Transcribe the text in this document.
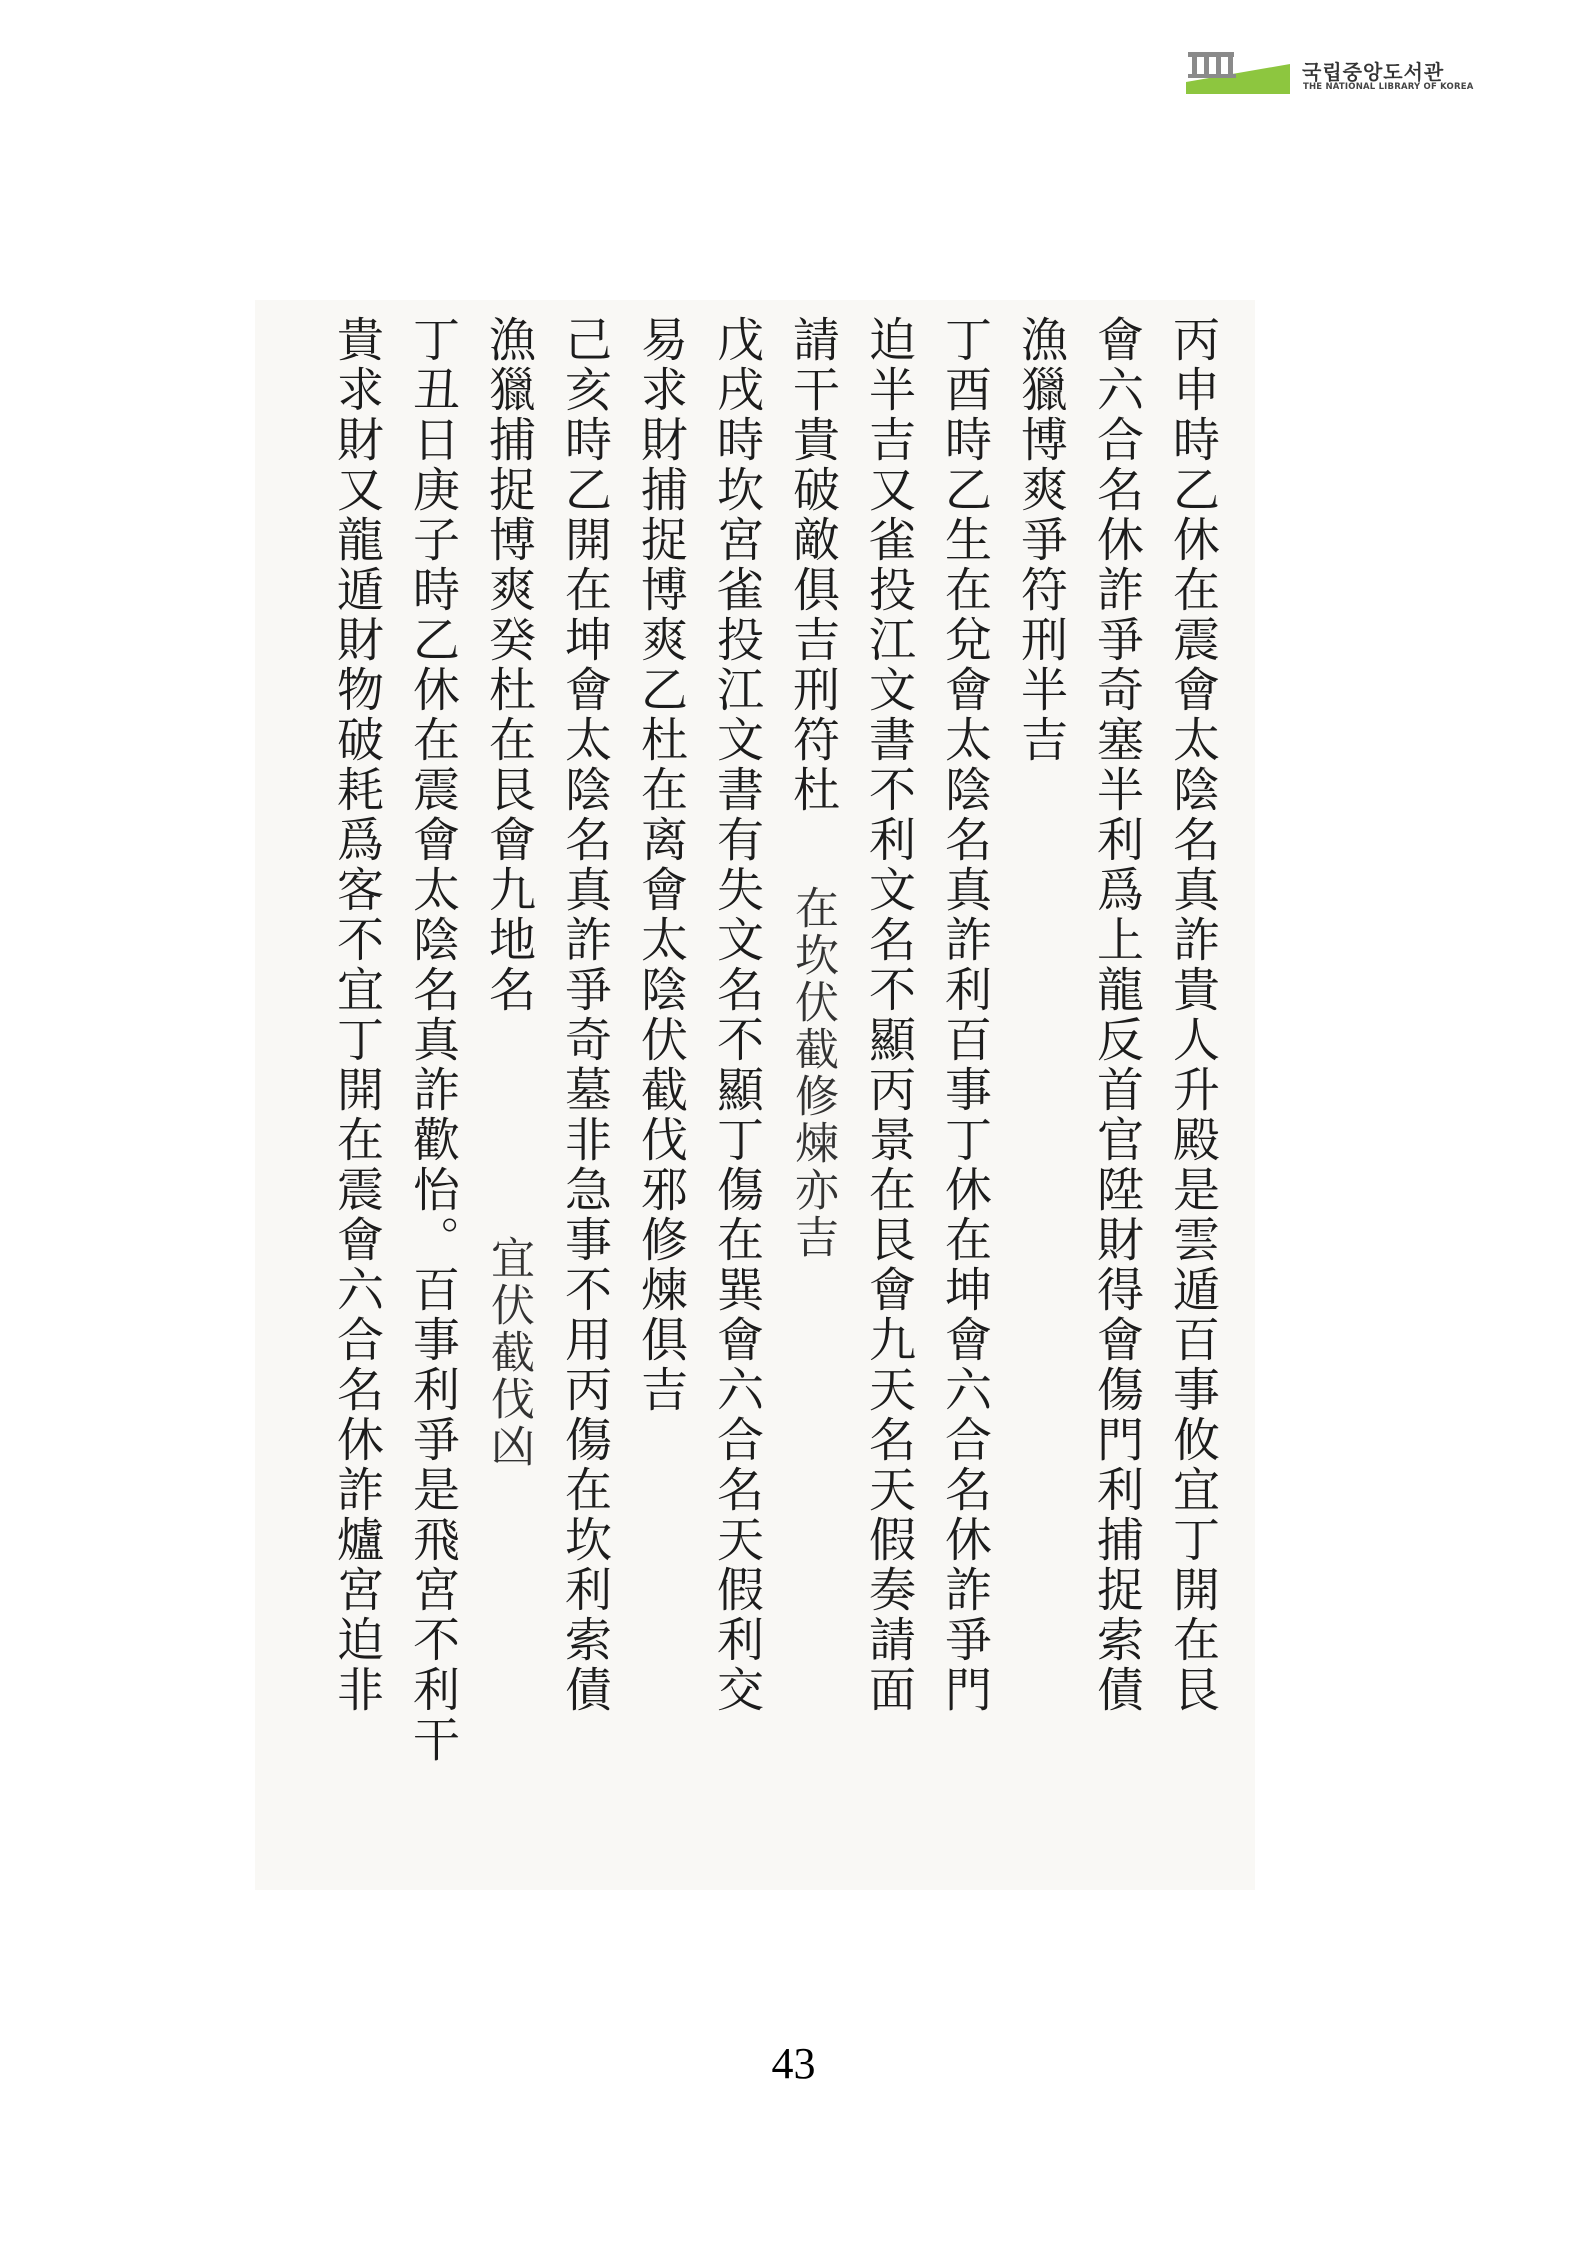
국립중앙도서관
THE NATIONAL LIBRARY OF KOREA

丙申時乙休在震會太陰名真詐貴人升殿是雲遁百事攸宜丁開在艮

會六合名休詐爭奇塞半利爲上龍反首官陞財得會傷門利捕捉索債

漁獵博爽爭符刑半吉

丁酉時乙生在兌會太陰名真詐利百事丁休在坤會六合名休詐爭門

迫半吉又雀投江文書不利文名不顯丙景在艮會九天名天假奏請面

請干貴破敵俱吉刑符杜在坎伏截修煉亦吉

戊戌時坎宮雀投江文書有失文名不顯丁傷在巽會六合名天假利交

易求財捕捉博爽乙杜在离會太陰伏截伐邪修煉俱吉

己亥時乙開在坤會太陰名真詐爭奇墓非急事不用丙傷在坎利索債

漁獵捕捉博爽癸杜在艮會九地名宜伏截伐凶

丁丑日庚子時乙休在震會太陰名真詐歡怡。百事利爭是飛宮不利干

貴求財又龍遁財物破耗爲客不宜丁開在震會六合名休詐爐宮迫非

43
